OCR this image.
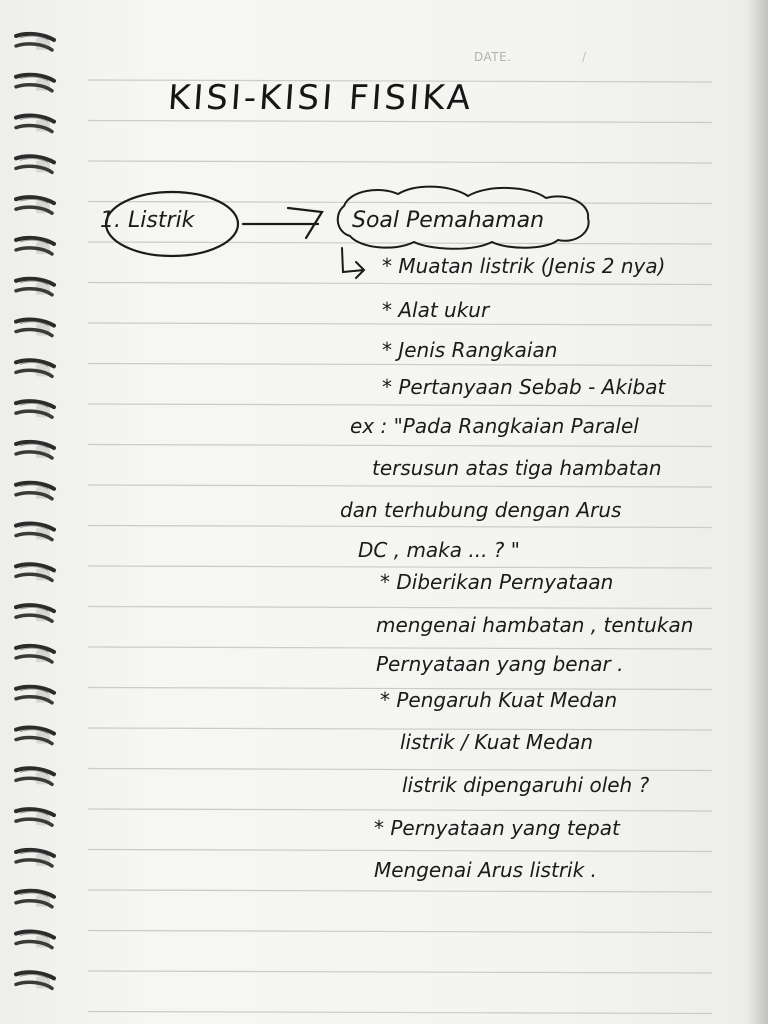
DATE.	/
KISI-KISI FISIKA
1. Listrik	Soal Pemahaman
* Muatan listrik (Jenis 2 nya)
* Alat ukur
* Jenis Rangkaian
* Pertanyaan Sebab - Akibat
ex : "Pada Rangkaian Paralel
tersusun atas tiga hambatan
dan terhubung dengan Arus
DC , maka ... ? "
* Diberikan Pernyataan
mengenai hambatan , tentukan
Pernyataan yang benar .
* Pengaruh Kuat Medan
listrik / Kuat Medan
listrik dipengaruhi oleh ?
* Pernyataan yang tepat
Mengenai Arus listrik .
